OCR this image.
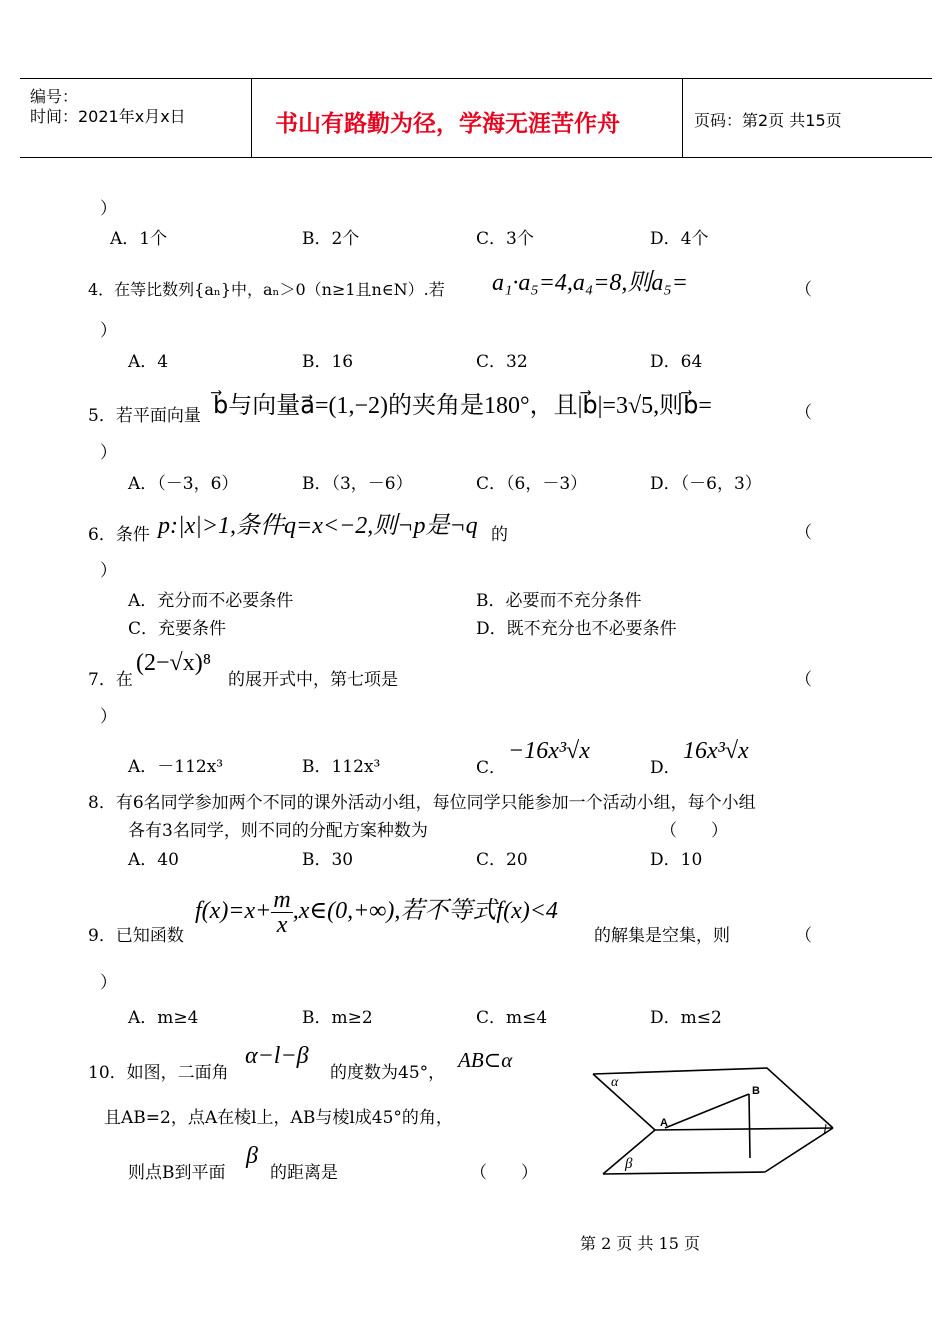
编号：
时间：2021年x月x日	书山有路勤为径，学海无涯苦作舟	页码：第2页 共15页
）
A．1个	B．2个	C．3个	D．4个
4．在等比数列{aₙ}中，aₙ＞0（n≥1且n∈N）.若 a₁·a₅=4,a₄=8,则a₅=	（
）
A．4	B．16	C．32	D．64
5．若平面向量 b⃗与向量a⃗=(1,−2)的夹角是180°，且|b⃗|=3√5,则b⃗=	（
）
A．（－3，6）	B．（3，－6）	C．（6，－3）	D．（－6，3）
6．条件 p:|x|>1,条件q=x<−2,则¬p是¬q 的	（
）
A．充分而不必要条件	B．必要而不充分条件
C．充要条件	D．既不充分也不必要条件
7．在
(2−√x)⁸
的展开式中，第七项是	（
）
A．－112x³	B．112x³	C．
−16x³√x
D．
16x³√x
8．有6名同学参加两个不同的课外活动小组，每位同学只能参加一个活动小组，每个小组
各有3名同学，则不同的分配方案种数为	（　　）
A．40	B．30	C．20	D．10
9．已知函数
$f(x)=x+ \frac{m}{x}$ ,x∈(0,+∞),若不等式f(x)<4
的解集是空集，则	（
）
A．m≥4	B．m≥2	C．m≤4	D．m≤2
10．如图，二面角
α−l−β
的度数为45°，
AB⊂α
且AB=2，点A在棱l上，AB与棱l成45°的角，
则点B到平面
β
的距离是	（　　）
α
β
A
B
l
第 2 页 共 15 页
